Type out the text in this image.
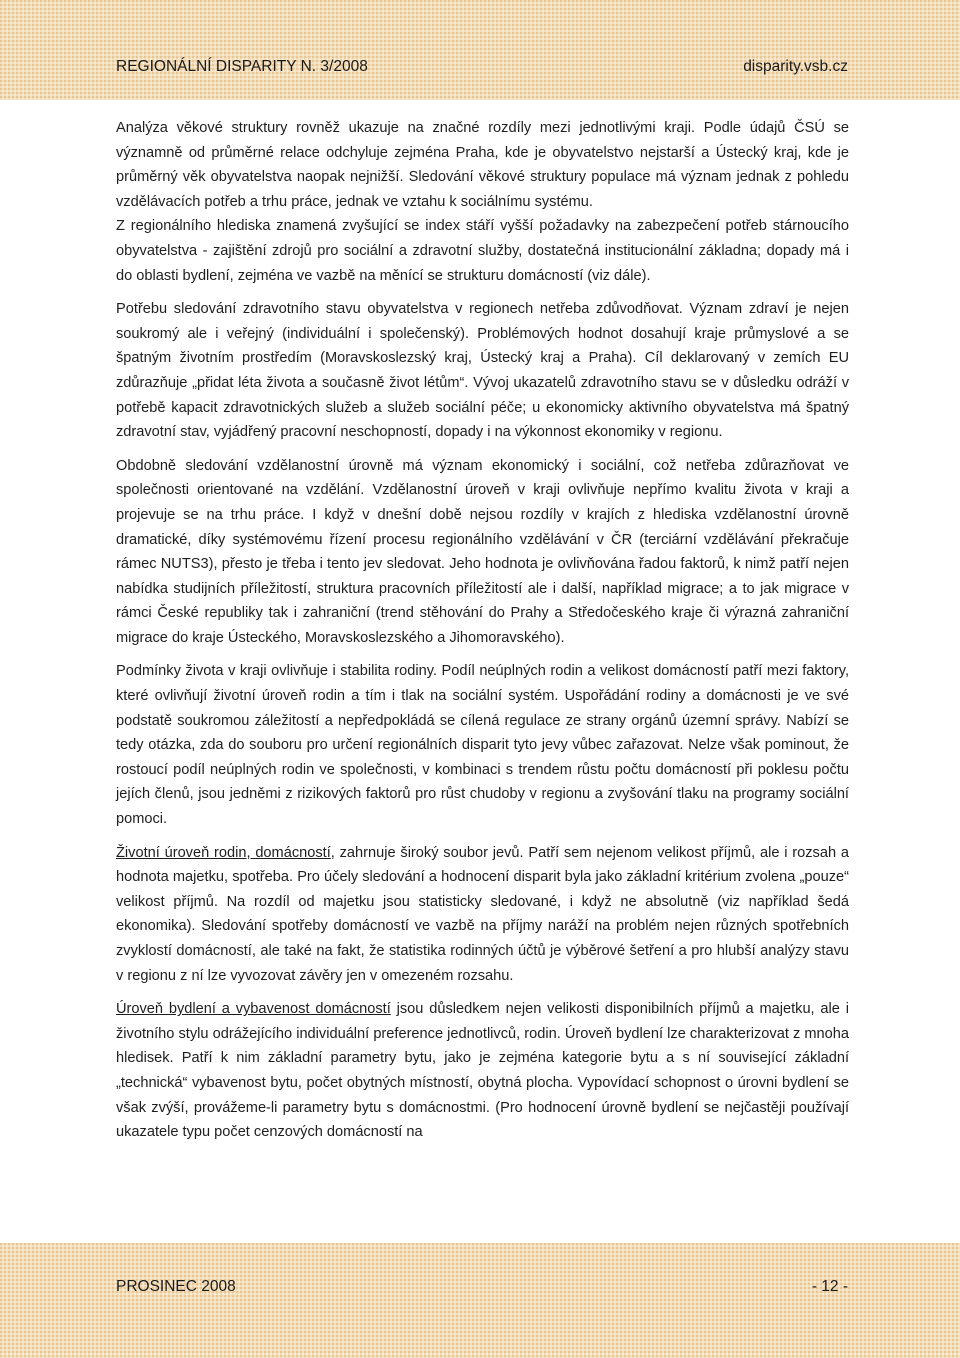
REGIONÁLNÍ DISPARITY N. 3/2008	disparity.vsb.cz

Analýza věkové struktury rovněž ukazuje na značné rozdíly mezi jednotlivými kraji. Podle údajů ČSÚ se významně od průměrné relace odchyluje zejména Praha, kde je obyvatelstvo nejstarší a Ústecký kraj, kde je průměrný věk obyvatelstva naopak nejnižší. Sledování věkové struktury populace má význam jednak z pohledu vzdělávacích potřeb a trhu práce, jednak ve vztahu k sociálnímu systému.

Z regionálního hlediska znamená zvyšující se index stáří vyšší požadavky na zabezpečení potřeb stárnoucího obyvatelstva - zajištění zdrojů pro sociální a zdravotní služby, dostatečná institucionální základna; dopady má i do oblasti bydlení, zejména ve vazbě na měnící se strukturu domácností (viz dále).

Potřebu sledování zdravotního stavu obyvatelstva v regionech netřeba zdůvodňovat. Význam zdraví je nejen soukromý ale i veřejný (individuální i společenský). Problémových hodnot dosahují kraje průmyslové a se špatným životním prostředím (Moravskoslezský kraj, Ústecký kraj a Praha). Cíl deklarovaný v zemích EU zdůrazňuje „přidat léta života a současně život létům“. Vývoj ukazatelů zdravotního stavu se v důsledku odráží v potřebě kapacit zdravotnických služeb a služeb sociální péče; u ekonomicky aktivního obyvatelstva má špatný zdravotní stav, vyjádřený pracovní neschopností, dopady i na výkonnost ekonomiky v regionu.

Obdobně sledování vzdělanostní úrovně má význam ekonomický i sociální, což netřeba zdůrazňovat ve společnosti orientované na vzdělání. Vzdělanostní úroveň v kraji ovlivňuje nepřímo kvalitu života v kraji a projevuje se na trhu práce. I když v dnešní době nejsou rozdíly v krajích z hlediska vzdělanostní úrovně dramatické, díky systémovému řízení procesu regionálního vzdělávání v ČR (terciární vzdělávání překračuje rámec NUTS3), přesto je třeba i tento jev sledovat. Jeho hodnota je ovlivňována řadou faktorů, k nimž patří nejen nabídka studijních příležitostí, struktura pracovních příležitostí ale i další, například migrace; a to jak migrace v rámci České republiky tak i zahraniční (trend stěhování do Prahy a Středočeského kraje či výrazná zahraniční migrace do kraje Ústeckého, Moravskoslezského a Jihomoravského).

Podmínky života v kraji ovlivňuje i stabilita rodiny. Podíl neúplných rodin a velikost domácností patří mezi faktory, které ovlivňují životní úroveň rodin a tím i tlak na sociální systém. Uspořádání rodiny a domácnosti je ve své podstatě soukromou záležitostí a nepředpokládá se cílená regulace ze strany orgánů územní správy. Nabízí se tedy otázka, zda do souboru pro určení regionálních disparit tyto jevy vůbec zařazovat. Nelze však pominout, že rostoucí podíl neúplných rodin ve společnosti, v kombinaci s trendem růstu počtu domácností při poklesu počtu jejích členů, jsou jedněmi z rizikových faktorů pro růst chudoby v regionu a zvyšování tlaku na programy sociální pomoci.

Životní úroveň rodin, domácností, zahrnuje široký soubor jevů. Patří sem nejenom velikost příjmů, ale i rozsah a hodnota majetku, spotřeba. Pro účely sledování a hodnocení disparit byla jako základní kritérium zvolena „pouze“ velikost příjmů. Na rozdíl od majetku jsou statisticky sledované, i když ne absolutně (viz například šedá ekonomika). Sledování spotřeby domácností ve vazbě na příjmy naráží na problém nejen různých spotřebních zvyklostí domácností, ale také na fakt, že statistika rodinných účtů je výběrové šetření a pro hlubší analýzy stavu v regionu z ní lze vyvozovat závěry jen v omezeném rozsahu.

Úroveň bydlení a vybavenost domácností jsou důsledkem nejen velikosti disponibilních příjmů a majetku, ale i životního stylu odrážejícího individuální preference jednotlivců, rodin. Úroveň bydlení lze charakterizovat z mnoha hledisek. Patří k nim základní parametry bytu, jako je zejména kategorie bytu a s ní související základní „technická“ vybavenost bytu, počet obytných místností, obytná plocha. Vypovídací schopnost o úrovni bydlení se však zvýší, provážeme-li parametry bytu s domácnostmi. (Pro hodnocení úrovně bydlení se nejčastěji používají ukazatele typu počet cenzových domácností na

PROSINEC 2008	- 12 -
